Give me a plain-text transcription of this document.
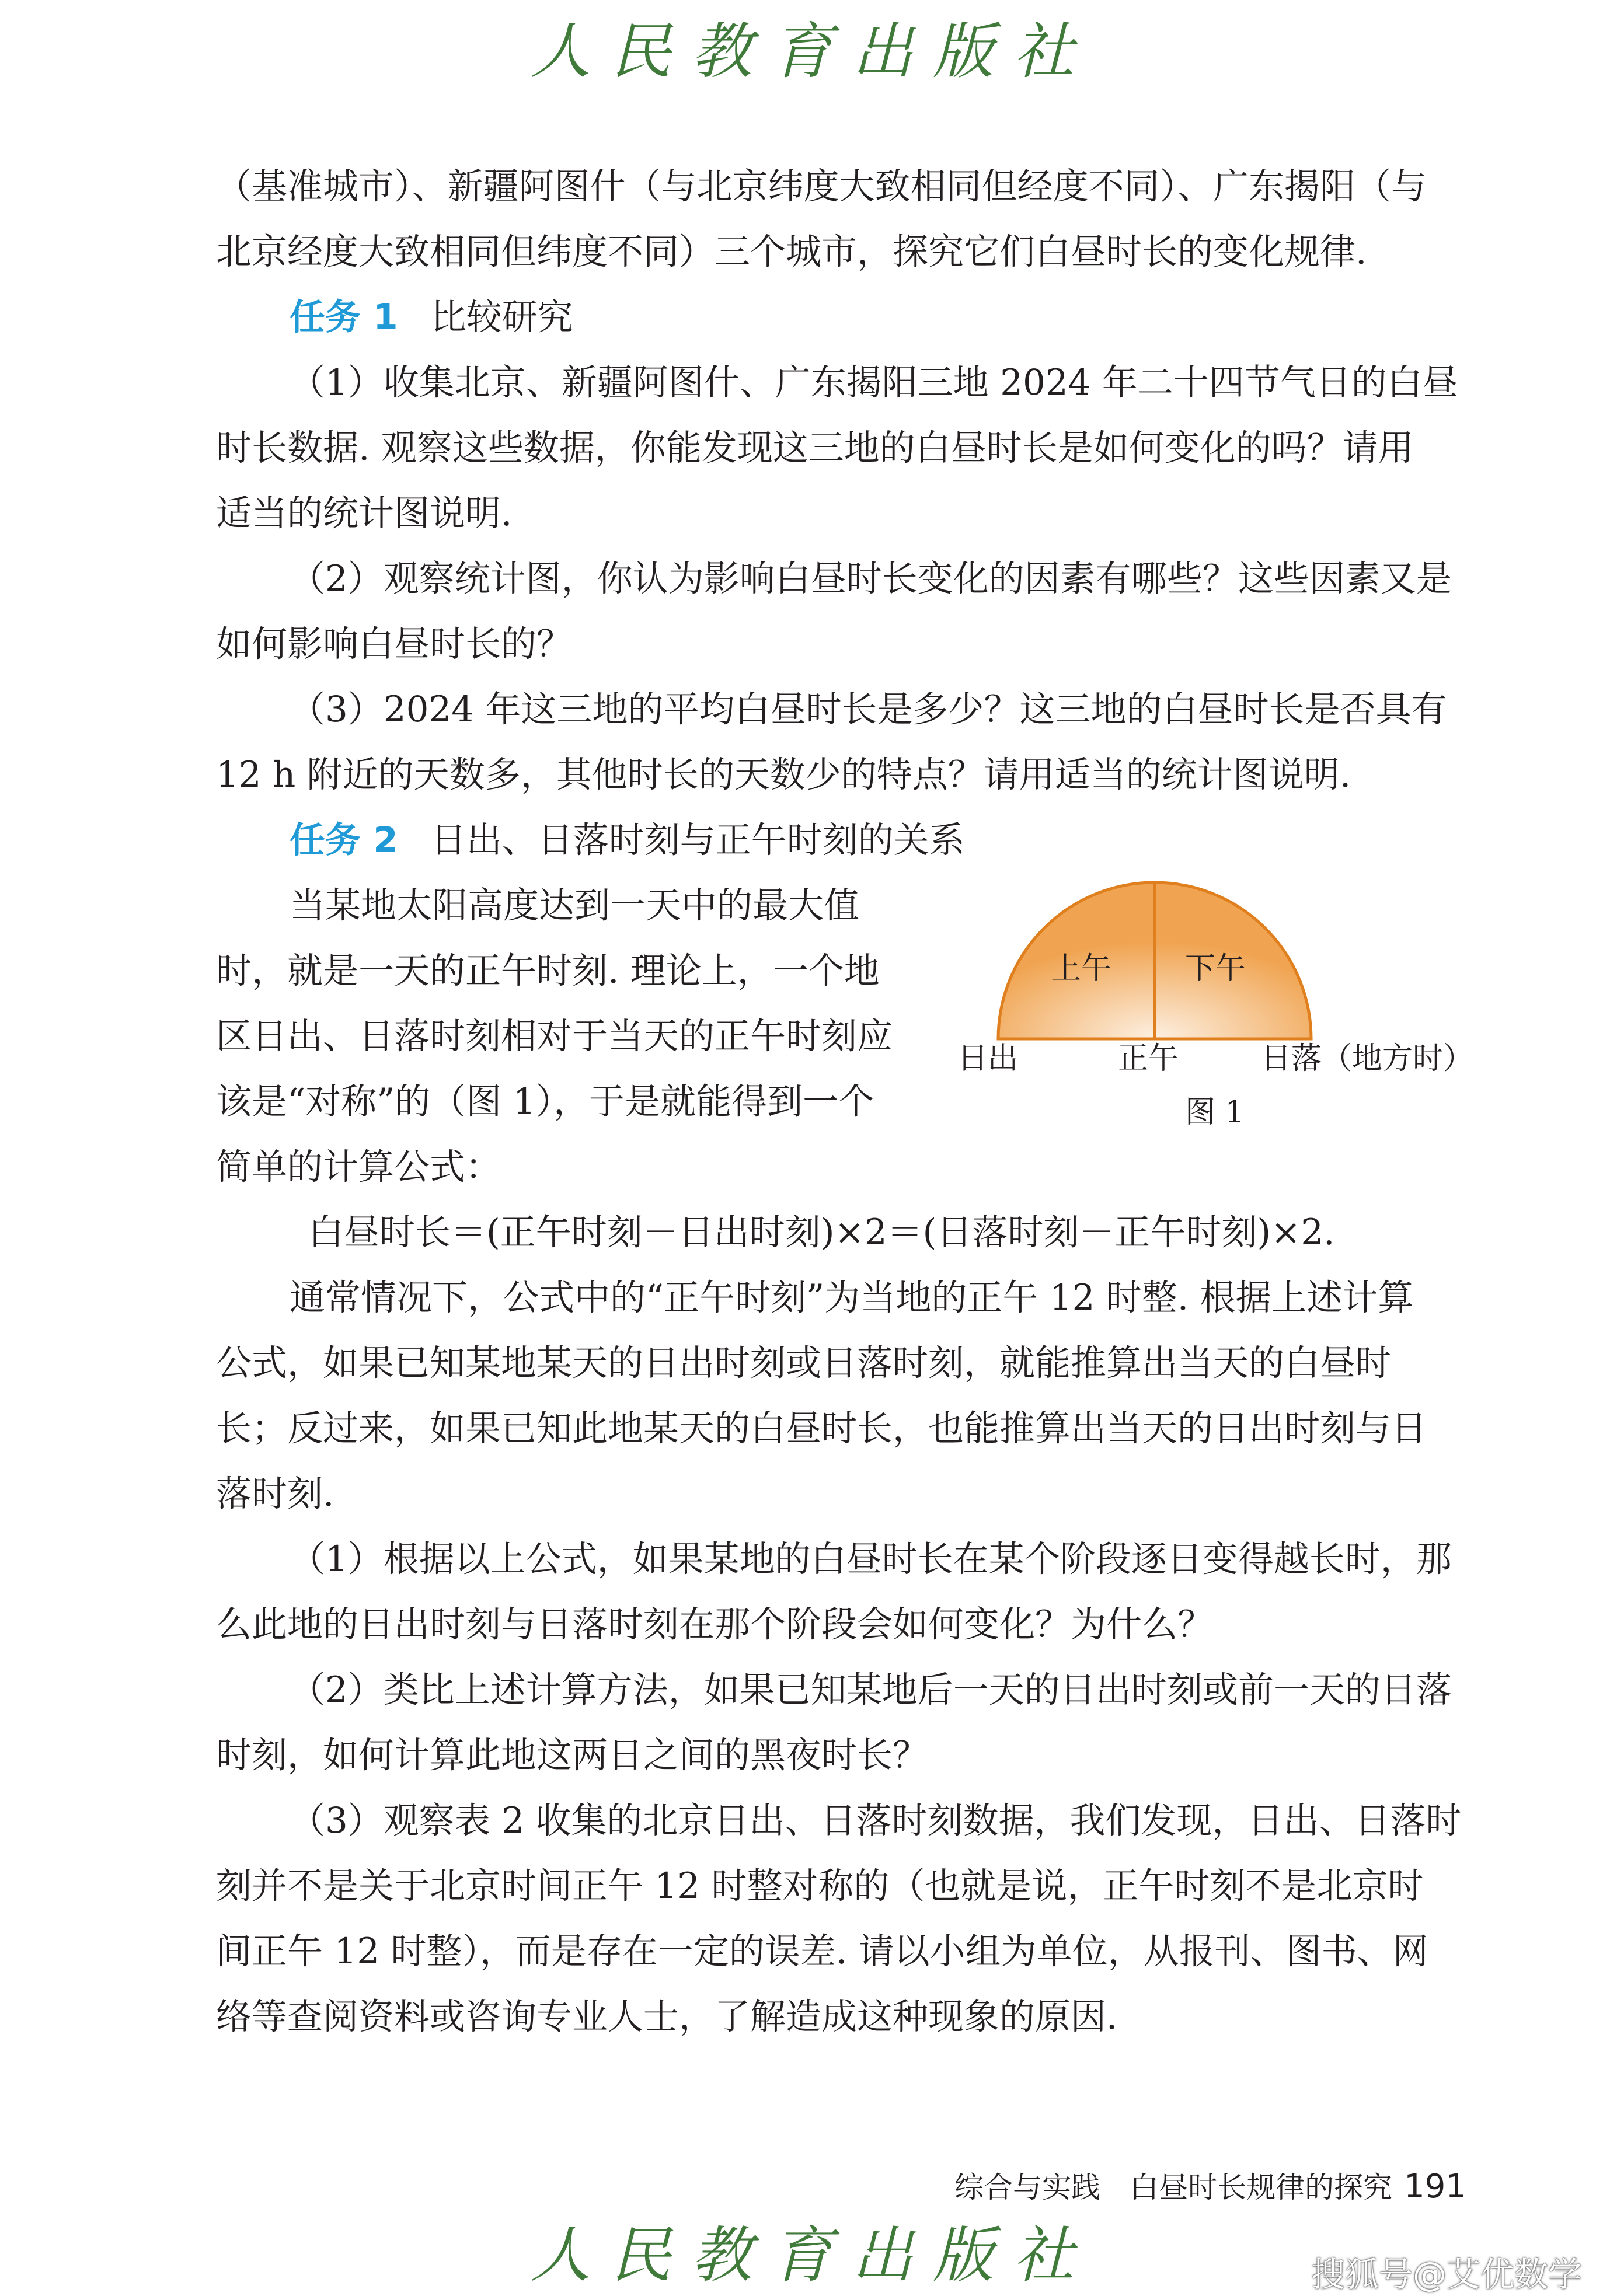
人民教育出版社
（基准城市）、新疆阿图什（与北京纬度大致相同但经度不同）、广东揭阳（与
北京经度大致相同但纬度不同）三个城市，探究它们白昼时长的变化规律.
任务 1 比较研究
（1）收集北京、新疆阿图什、广东揭阳三地 2024 年二十四节气日的白昼
时长数据. 观察这些数据，你能发现这三地的白昼时长是如何变化的吗？请用
适当的统计图说明.
（2）观察统计图，你认为影响白昼时长变化的因素有哪些？这些因素又是
如何影响白昼时长的？
（3）2024 年这三地的平均白昼时长是多少？这三地的白昼时长是否具有
12 h 附近的天数多，其他时长的天数少的特点？请用适当的统计图说明.
任务 2 日出、日落时刻与正午时刻的关系
当某地太阳高度达到一天中的最大值
时，就是一天的正午时刻. 理论上，一个地
区日出、日落时刻相对于当天的正午时刻应
该是“对称”的（图 1），于是就能得到一个
简单的计算公式：
上午 下午
日出	正午	日落（地方时）
图 1
白昼时长＝(正午时刻－日出时刻)×2＝(日落时刻－正午时刻)×2.
通常情况下，公式中的“正午时刻”为当地的正午 12 时整. 根据上述计算
公式，如果已知某地某天的日出时刻或日落时刻，就能推算出当天的白昼时
长；反过来，如果已知此地某天的白昼时长，也能推算出当天的日出时刻与日
落时刻.
（1）根据以上公式，如果某地的白昼时长在某个阶段逐日变得越长时，那
么此地的日出时刻与日落时刻在那个阶段会如何变化？为什么？
（2）类比上述计算方法，如果已知某地后一天的日出时刻或前一天的日落
时刻，如何计算此地这两日之间的黑夜时长？
（3）观察表 2 收集的北京日出、日落时刻数据，我们发现，日出、日落时
刻并不是关于北京时间正午 12 时整对称的（也就是说，正午时刻不是北京时
间正午 12 时整），而是存在一定的误差. 请以小组为单位，从报刊、图书、网
络等查阅资料或咨询专业人士，了解造成这种现象的原因.
综合与实践　白昼时长规律的探究 191
人民教育出版社	搜狐号@艾优数学
